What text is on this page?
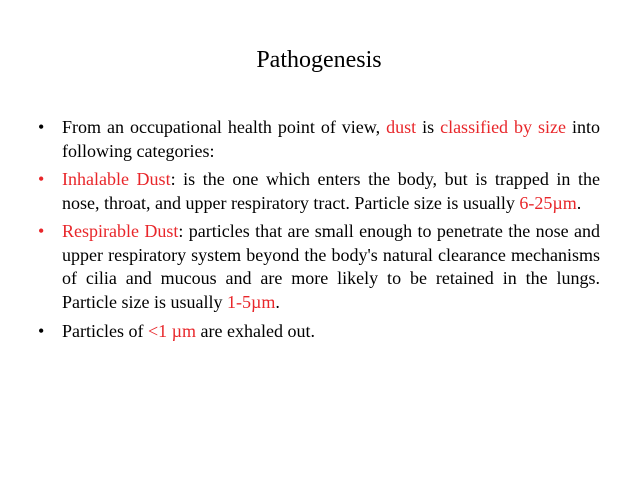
Pathogenesis
• From an occupational health point of view, dust is classified by size into following categories:
• Inhalable Dust: is the one which enters the body, but is trapped in the nose, throat, and upper respiratory tract. Particle size is usually 6-25µm.
• Respirable Dust: particles that are small enough to penetrate the nose and upper respiratory system beyond the body's natural clearance mechanisms of cilia and mucous and are more likely to be retained in the lungs. Particle size is usually 1-5µm.
• Particles of <1 µm are exhaled out.
